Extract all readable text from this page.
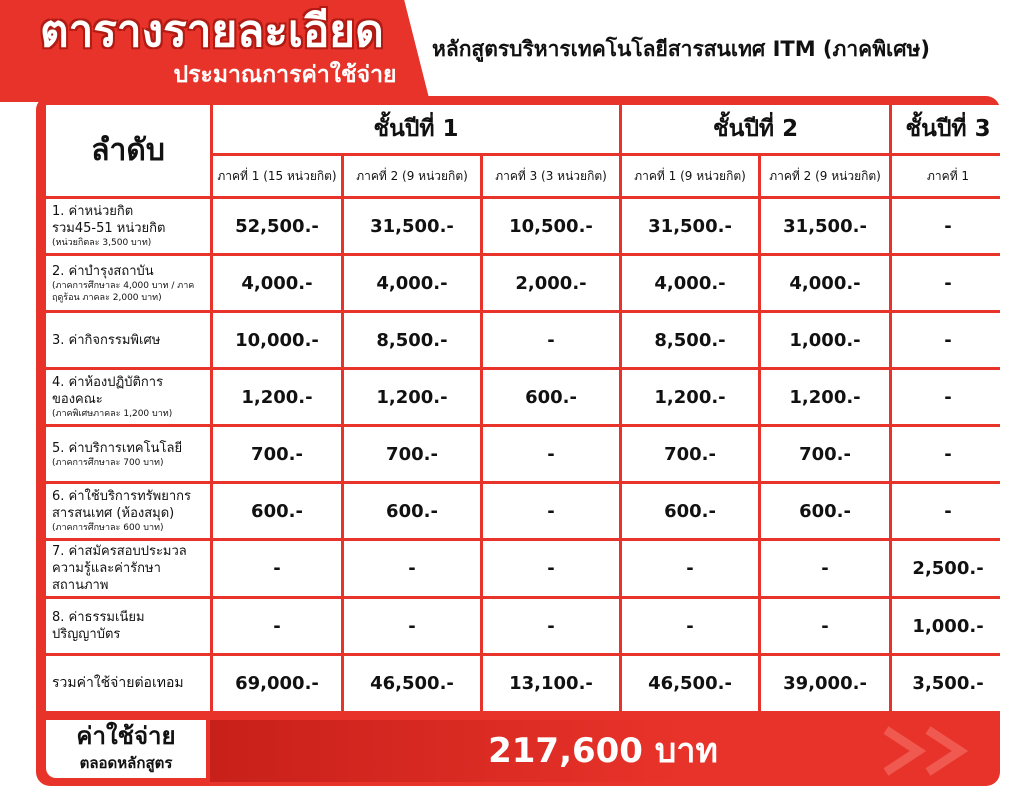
ตารางรายละเอียด
ประมาณการค่าใช้จ่าย
หลักสูตรบริหารเทคโนโลยีสารสนเทศ ITM (ภาคพิเศษ)
ลำดับ	ชั้นปีที่ 1			ชั้นปีที่ 2		ชั้นปีที่ 3
	ภาคที่ 1 (15 หน่วยกิต)	ภาคที่ 2 (9 หน่วยกิต)	ภาคที่ 3 (3 หน่วยกิต)	ภาคที่ 1 (9 หน่วยกิต)	ภาคที่ 2 (9 หน่วยกิต)	ภาคที่ 1

1. ค่าหน่วยกิต
รวม45-51 หน่วยกิต
(หน่วยกิตละ 3,500 บาท)	52,500.-	31,500.-	10,500.-	31,500.-	31,500.-	-

2. ค่าบำรุงสถาบัน
(ภาคการศึกษาละ 4,000 บาท / ภาคฤดูร้อน ภาคละ 2,000 บาท)	4,000.-	4,000.-	2,000.-	4,000.-	4,000.-	-

3. ค่ากิจกรรมพิเศษ	10,000.-	8,500.-	-	8,500.-	1,000.-	-

4. ค่าห้องปฏิบัติการ
ของคณะ
(ภาคพิเศษภาคละ 1,200 บาท)	1,200.-	1,200.-	600.-	1,200.-	1,200.-	-

5. ค่าบริการเทคโนโลยี
(ภาคการศึกษาละ 700 บาท)	700.-	700.-	-	700.-	700.-	-

6. ค่าใช้บริการทรัพยากร
สารสนเทศ (ห้องสมุด)
(ภาคการศึกษาละ 600 บาท)	600.-	600.-	-	600.-	600.-	-

7. ค่าสมัครสอบประมวล
ความรู้และค่ารักษาสถานภาพ	-	-	-	-	-	2,500.-

8. ค่าธรรมเนียม
ปริญญาบัตร	-	-	-	-	-	1,000.-

รวมค่าใช้จ่ายต่อเทอม	69,000.-	46,500.-	13,100.-	46,500.-	39,000.-	3,500.-
ค่าใช้จ่าย
ตลอดหลักสูตร	217,600 บาท
